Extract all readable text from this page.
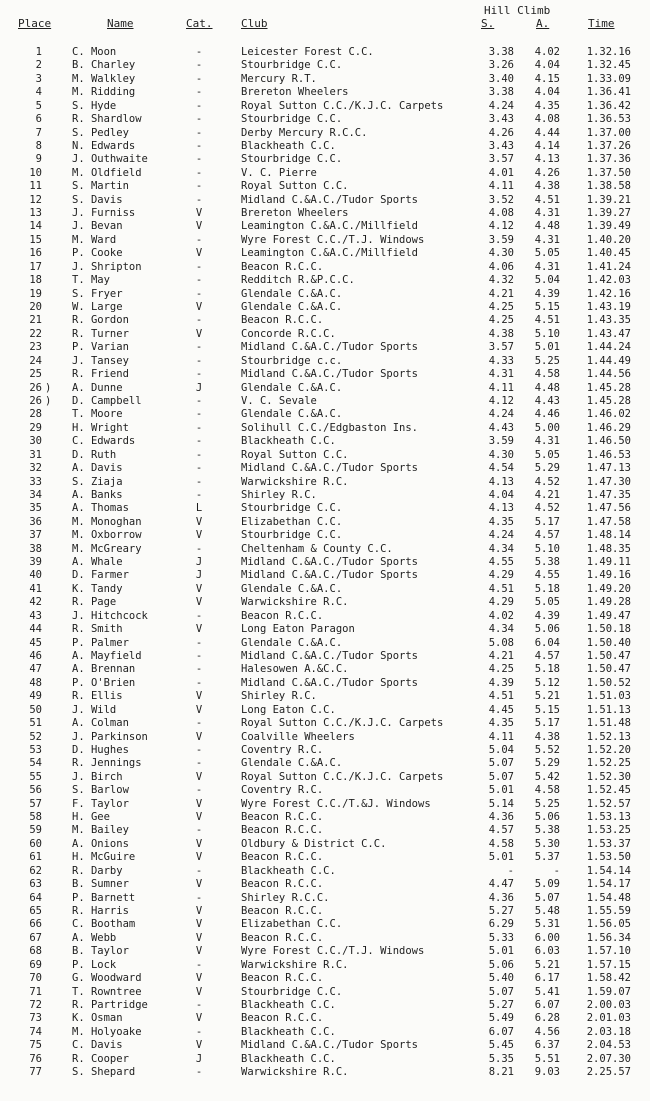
Place	Name	Cat.	Club
Hill Climb
S.	A.	Time
1	C. Moon	-	Leicester Forest C.C.	3.38	4.02	1.32.16
2	B. Charley	-	Stourbridge C.C.	3.26	4.04	1.32.45
3	M. Walkley	-	Mercury R.T.	3.40	4.15	1.33.09
4	M. Ridding	-	Brereton Wheelers	3.38	4.04	1.36.41
5	S. Hyde	-	Royal Sutton C.C./K.J.C. Carpets	4.24	4.35	1.36.42
6	R. Shardlow	-	Stourbridge C.C.	3.43	4.08	1.36.53
7	S. Pedley	-	Derby Mercury R.C.C.	4.26	4.44	1.37.00
8	N. Edwards	-	Blackheath C.C.	3.43	4.14	1.37.26
9	J. Outhwaite	-	Stourbridge C.C.	3.57	4.13	1.37.36
10	M. Oldfield	-	V. C. Pierre	4.01	4.26	1.37.50
11	S. Martin	-	Royal Sutton C.C.	4.11	4.38	1.38.58
12	S. Davis	-	Midland C.&A.C./Tudor Sports	3.52	4.51	1.39.21
13	J. Furniss	V	Brereton Wheelers	4.08	4.31	1.39.27
14	J. Bevan	V	Leamington C.&A.C./Millfield	4.12	4.48	1.39.49
15	M. Ward	-	Wyre Forest C.C./T.J. Windows	3.59	4.31	1.40.20
16	P. Cooke	V	Leamington C.&A.C./Millfield	4.30	5.05	1.40.45
17	J. Shripton	-	Beacon R.C.C.	4.06	4.31	1.41.24
18	T. May	-	Redditch R.&P.C.C.	4.32	5.04	1.42.03
19	S. Fryer	-	Glendale C.&A.C.	4.21	4.39	1.42.16
20	W. Large	V	Glendale C.&A.C.	4.25	5.15	1.43.19
21	R. Gordon	-	Beacon R.C.C.	4.25	4.51	1.43.35
22	R. Turner	V	Concorde R.C.C.	4.38	5.10	1.43.47
23	P. Varian	-	Midland C.&A.C./Tudor Sports	3.57	5.01	1.44.24
24	J. Tansey	-	Stourbridge c.c.	4.33	5.25	1.44.49
25	R. Friend	-	Midland C.&A.C./Tudor Sports	4.31	4.58	1.44.56
26 ) A. Dunne	J	Glendale C.&A.C.	4.11	4.48	1.45.28
26 ) D. Campbell	-	V. C. Sevale	4.12	4.43	1.45.28
28	T. Moore	-	Glendale C.&A.C.	4.24	4.46	1.46.02
29	H. Wright	-	Solihull C.C./Edgbaston Ins.	4.43	5.00	1.46.29
30	C. Edwards	-	Blackheath C.C.	3.59	4.31	1.46.50
31	D. Ruth	-	Royal Sutton C.C.	4.30	5.05	1.46.53
32	A. Davis	-	Midland C.&A.C./Tudor Sports	4.54	5.29	1.47.13
33	S. Ziaja	-	Warwickshire R.C.	4.13	4.52	1.47.30
34	A. Banks	-	Shirley R.C.	4.04	4.21	1.47.35
35	A. Thomas	L	Stourbridge C.C.	4.13	4.52	1.47.56
36	M. Monoghan	V	Elizabethan C.C.	4.35	5.17	1.47.58
37	M. Oxborrow	V	Stourbridge C.C.	4.24	4.57	1.48.14
38	M. McGreary	-	Cheltenham & County C.C.	4.34	5.10	1.48.35
39	A. Whale	J	Midland C.&A.C./Tudor Sports	4.55	5.38	1.49.11
40	D. Farmer	J	Midland C.&A.C./Tudor Sports	4.29	4.55	1.49.16
41	K. Tandy	V	Glendale C.&A.C.	4.51	5.18	1.49.20
42	R. Page	V	Warwickshire R.C.	4.29	5.05	1.49.28
43	J. Hitchcock	-	Beacon R.C.C.	4.02	4.39	1.49.47
44	R. Smith	V	Long Eaton Paragon	4.34	5.06	1.50.18
45	P. Palmer	-	Glendale C.&A.C.	5.08	6.04	1.50.40
46	A. Mayfield	-	Midland C.&A.C./Tudor Sports	4.21	4.57	1.50.47
47	A. Brennan	-	Halesowen A.&C.C.	4.25	5.18	1.50.47
48	P. O'Brien	-	Midland C.&A.C./Tudor Sports	4.39	5.12	1.50.52
49	R. Ellis	V	Shirley R.C.	4.51	5.21	1.51.03
50	J. Wild	V	Long Eaton C.C.	4.45	5.15	1.51.13
51	A. Colman	-	Royal Sutton C.C./K.J.C. Carpets	4.35	5.17	1.51.48
52	J. Parkinson	V	Coalville Wheelers	4.11	4.38	1.52.13
53	D. Hughes	-	Coventry R.C.	5.04	5.52	1.52.20
54	R. Jennings	-	Glendale C.&A.C.	5.07	5.29	1.52.25
55	J. Birch	V	Royal Sutton C.C./K.J.C. Carpets	5.07	5.42	1.52.30
56	S. Barlow	-	Coventry R.C.	5.01	4.58	1.52.45
57	F. Taylor	V	Wyre Forest C.C./T.&J. Windows	5.14	5.25	1.52.57
58	H. Gee	V	Beacon R.C.C.	4.36	5.06	1.53.13
59	M. Bailey	-	Beacon R.C.C.	4.57	5.38	1.53.25
60	A. Onions	V	Oldbury & District C.C.	4.58	5.30	1.53.37
61	H. McGuire	V	Beacon R.C.C.	5.01	5.37	1.53.50
62	R. Darby	-	Blackheath C.C.	-	-	1.54.14
63	B. Sumner	V	Beacon R.C.C.	4.47	5.09	1.54.17
64	P. Barnett	-	Shirley R.C.C.	4.36	5.07	1.54.48
65	R. Harris	V	Beacon R.C.C.	5.27	5.48	1.55.59
66	C. Bootham	V	Elizabethan C.C.	6.29	5.31	1.56.05
67	A. Webb	V	Beacon R.C.C.	5.33	6.00	1.56.34
68	B. Taylor	V	Wyre Forest C.C./T.J. Windows	5.01	6.03	1.57.10
69	P. Lock	-	Warwickshire R.C.	5.06	5.21	1.57.15
70	G. Woodward	V	Beacon R.C.C.	5.40	6.17	1.58.42
71	T. Rowntree	V	Stourbridge C.C.	5.07	5.41	1.59.07
72	R. Partridge	-	Blackheath C.C.	5.27	6.07	2.00.03
73	K. Osman	V	Beacon R.C.C.	5.49	6.28	2.01.03
74	M. Holyoake	-	Blackheath C.C.	6.07	4.56	2.03.18
75	C. Davis	V	Midland C.&A.C./Tudor Sports	5.45	6.37	2.04.53
76	R. Cooper	J	Blackheath C.C.	5.35	5.51	2.07.30
77	S. Shepard	-	Warwickshire R.C.	8.21	9.03	2.25.57
